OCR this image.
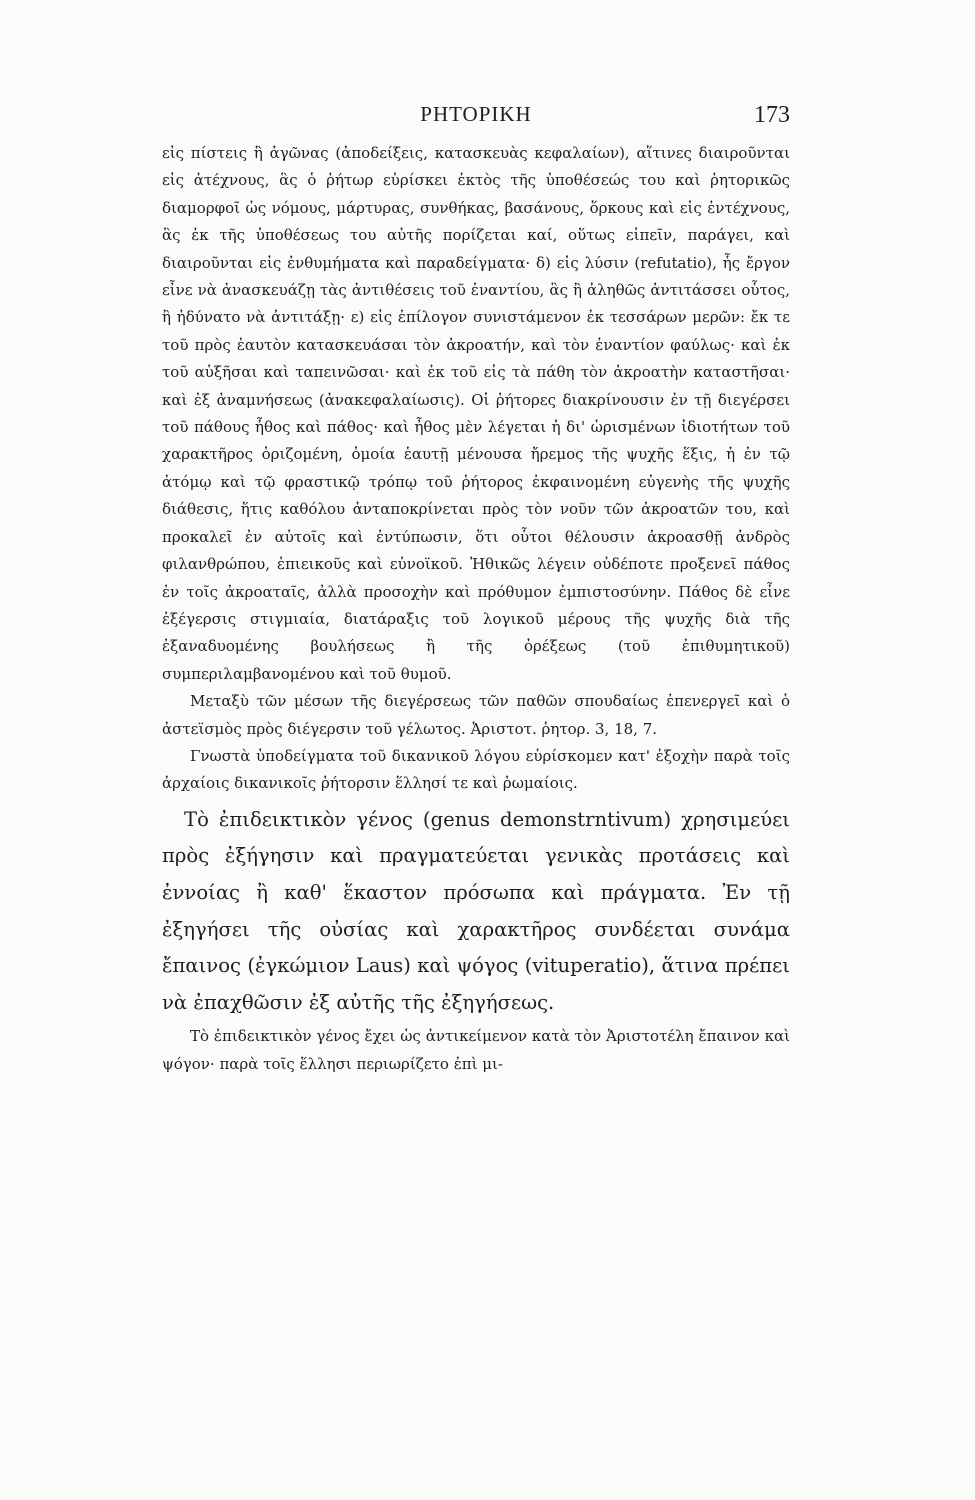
ΡΗΤΟΡΙΚΗ	173

εἰς πίστεις ἢ ἀγῶνας (ἀποδείξεις, κατασκευὰς κεφαλαίων), αἵτινες διαιροῦνται εἰς ἀτέχνους, ἃς ὁ ῥήτωρ εὑρίσκει ἐκτὸς τῆς ὑποθέσεώς του καὶ ῥητορικῶς διαμορφοῖ ὡς νόμους, μάρτυρας, συνθήκας, βασάνους, ὅρκους καὶ εἰς ἐντέχνους, ἃς ἐκ τῆς ὑποθέσεως του αὐτῆς πορίζεται καί, οὕτως εἰπεῖν, παράγει, καὶ διαιροῦνται εἰς ἐνθυμήματα καὶ παραδείγματα· δ) εἰς λύσιν (refutatio), ἧς ἔργον εἶνε νὰ ἀνασκευάζῃ τὰς ἀντιθέσεις τοῦ ἐναντίου, ἃς ἢ ἀληθῶς ἀντιτάσσει οὗτος, ἢ ἠδύνατο νὰ ἀντιτάξῃ· ε) εἰς ἐπίλογον συνιστάμενον ἐκ τεσσάρων μερῶν: ἔκ τε τοῦ πρὸς ἑαυτὸν κατασκευάσαι τὸν ἀκροατήν, καὶ τὸν ἐναντίον φαύλως· καὶ ἐκ τοῦ αὐξῆσαι καὶ ταπεινῶσαι· καὶ ἐκ τοῦ εἰς τὰ πάθη τὸν ἀκροατὴν καταστῆσαι· καὶ ἐξ ἀναμνήσεως (ἀνακεφαλαίωσις). Οἱ ῥήτορες διακρίνουσιν ἐν τῇ διεγέρσει τοῦ πάθους ἦθος καὶ πάθος· καὶ ἦθος μὲν λέγεται ἡ δι' ὡρισμένων ἰδιοτήτων τοῦ χαρακτῆρος ὁριζομένη, ὁμοία ἑαυτῇ μένουσα ἤρεμος τῆς ψυχῆς ἕξις, ἡ ἐν τῷ ἀτόμῳ καὶ τῷ φραστικῷ τρόπῳ τοῦ ῥήτορος ἐκφαινομένη εὐγενὴς τῆς ψυχῆς διάθεσις, ἥτις καθόλου ἀνταποκρίνεται πρὸς τὸν νοῦν τῶν ἀκροατῶν του, καὶ προκαλεῖ ἐν αὐτοῖς καὶ ἐντύπωσιν, ὅτι οὗτοι θέλουσιν ἀκροασθῇ ἀνδρὸς φιλανθρώπου, ἐπιεικοῦς καὶ εὐνοϊκοῦ. Ἠθικῶς λέγειν οὐδέποτε προξενεῖ πάθος ἐν τοῖς ἀκροαταῖς, ἀλλὰ προσοχὴν καὶ πρόθυμον ἐμπιστοσύνην. Πάθος δὲ εἶνε ἐξέγερσις στιγμιαία, διατάραξις τοῦ λογικοῦ μέρους τῆς ψυχῆς διὰ τῆς ἐξαναδυομένης βουλήσεως ἢ τῆς ὀρέξεως (τοῦ ἐπιθυμητικοῦ) συμπεριλαμβανομένου καὶ τοῦ θυμοῦ.

Μεταξὺ τῶν μέσων τῆς διεγέρσεως τῶν παθῶν σπουδαίως ἐπενεργεῖ καὶ ὁ ἀστεϊσμὸς πρὸς διέγερσιν τοῦ γέλωτος. Ἀριστοτ. ῥητορ. 3, 18, 7.

Γνωστὰ ὑποδείγματα τοῦ δικανικοῦ λόγου εὑρίσκομεν κατ' ἐξοχὴν παρὰ τοῖς ἀρχαίοις δικανικοῖς ῥήτορσιν ἕλλησί τε καὶ ῥωμαίοις.

Τὸ ἐπιδεικτικὸν γένος (genus demonstrntivum) χρησιμεύει πρὸς ἐξήγησιν καὶ πραγματεύεται γενικὰς προτάσεις καὶ ἐννοίας ἢ καθ' ἕκαστον πρόσωπα καὶ πράγματα. Ἐν τῇ ἐξηγήσει τῆς οὐσίας καὶ χαρακτῆρος συνδέεται συνάμα ἔπαινος (ἐγκώμιον Laus) καὶ ψόγος (vituperatio), ἅτινα πρέπει νὰ ἐπαχθῶσιν ἐξ αὐτῆς τῆς ἐξηγήσεως.

Τὸ ἐπιδεικτικὸν γένος ἔχει ὡς ἀντικείμενον κατὰ τὸν Ἀριστοτέλη ἔπαινον καὶ ψόγον· παρὰ τοῖς ἕλλησι περιωρίζετο ἐπὶ μι-
